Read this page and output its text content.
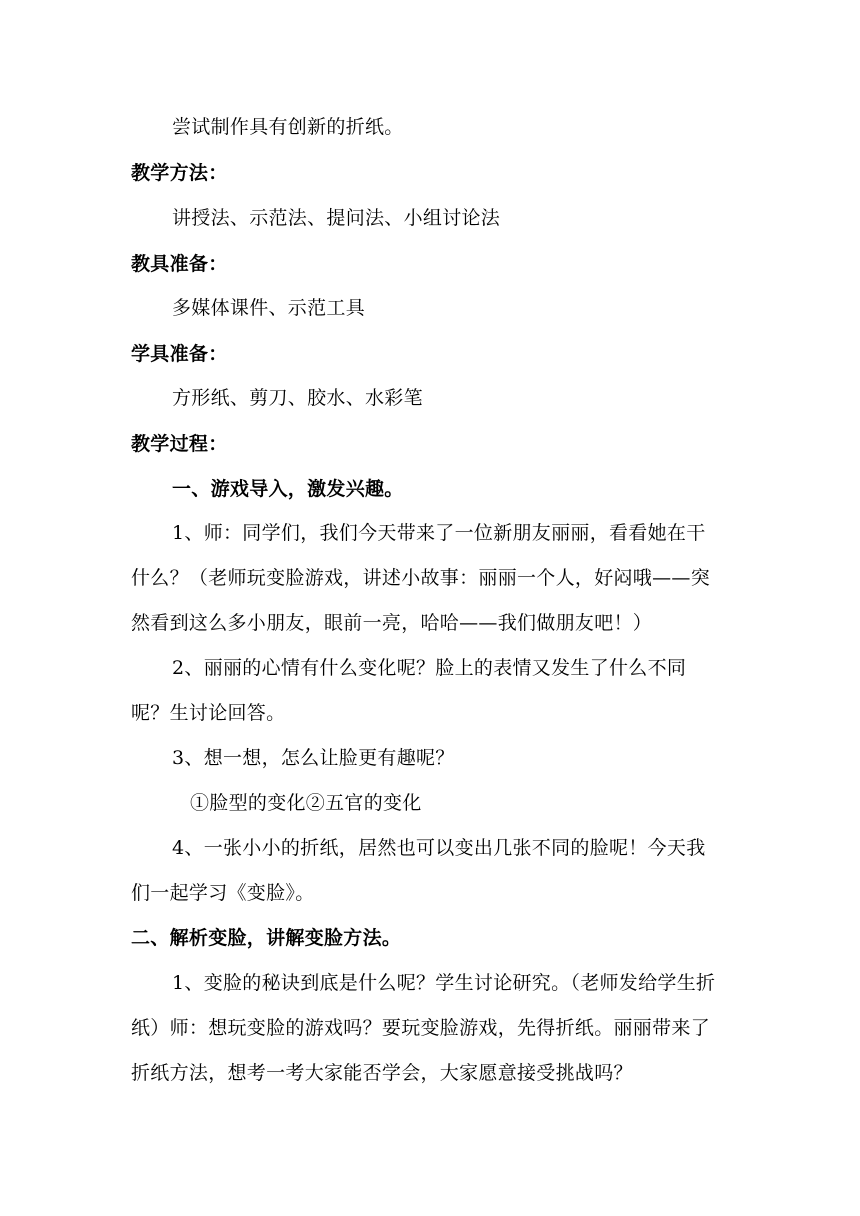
尝试制作具有创新的折纸。
教学方法：
讲授法、示范法、提问法、小组讨论法
教具准备：
多媒体课件、示范工具
学具准备：
方形纸、剪刀、胶水、水彩笔
教学过程：
一、游戏导入，激发兴趣。
1、师：同学们，我们今天带来了一位新朋友丽丽，看看她在干
什么？（老师玩变脸游戏，讲述小故事：丽丽一个人，好闷哦——突
然看到这么多小朋友，眼前一亮，哈哈——我们做朋友吧！）
2、丽丽的心情有什么变化呢？脸上的表情又发生了什么不同
呢？生讨论回答。
3、想一想，怎么让脸更有趣呢？
①脸型的变化②五官的变化
4、一张小小的折纸，居然也可以变出几张不同的脸呢！今天我
们一起学习《变脸》。
二、解析变脸，讲解变脸方法。
1、变脸的秘诀到底是什么呢？学生讨论研究。（老师发给学生折
纸）师：想玩变脸的游戏吗？要玩变脸游戏，先得折纸。丽丽带来了
折纸方法，想考一考大家能否学会，大家愿意接受挑战吗？
